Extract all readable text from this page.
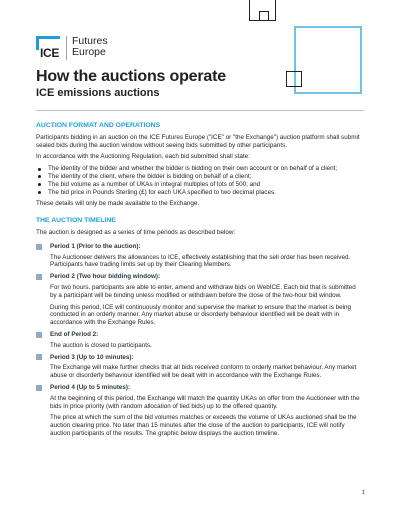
ICE
Futures
Europe
How the auctions operate
ICE emissions auctions
AUCTION FORMAT AND OPERATIONS

Participants bidding in an auction on the ICE Futures Europe ("ICE" or "the Exchange") auction platform shall submit sealed bids during the auction window without seeing bids submitted by other participants.

In accordance with the Auctioning Regulation, each bid submitted shall state:

The identity of the bidder and whether the bidder is bidding on their own account or on behalf of a client;
The identity of the client, where the bidder is bidding on behalf of a client;
The bid volume as a number of UKAs in integral multiples of lots of 500; and
The bid price in Pounds Sterling (£) for each UKA specified to two decimal places.

These details will only be made available to the Exchange.

THE AUCTION TIMELINE

The auction is designed as a series of time periods as described below:

Period 1 (Prior to the auction):

The Auctioneer delivers the allowances to ICE, effectively establishing that the sell order has been received. Participants have trading limits set up by their Clearing Members.

Period 2 (Two hour bidding window):

For two hours, participants are able to enter, amend and withdraw bids on WebICE. Each bid that is submitted by a participant will be binding unless modified or withdrawn before the close of the two-hour bid window.

During this period, ICE will continuously monitor and supervise the market to ensure that the market is being conducted in an orderly manner. Any market abuse or disorderly behaviour identified will be dealt with in accordance with the Exchange Rules.

End of Period 2:

The auction is closed to participants.

Period 3 (Up to 10 minutes):

The Exchange will make further checks that all bids received conform to orderly market behaviour. Any market abuse or disorderly behaviour identified will be dealt with in accordance with the Exchange Rules.

Period 4 (Up to 5 minutes):

At the beginning of this period, the Exchange will match the quantity UKAs on offer from the Auctioneer with the bids in price priority (with random allocation of tied bids) up to the offered quantity.

The price at which the sum of the bid volumes matches or exceeds the volume of UKAs auctioned shall be the auction clearing price. No later than 15 minutes after the close of the auction to participants, ICE will notify auction participants of the results. The graphic below displays the auction timeline.

1
